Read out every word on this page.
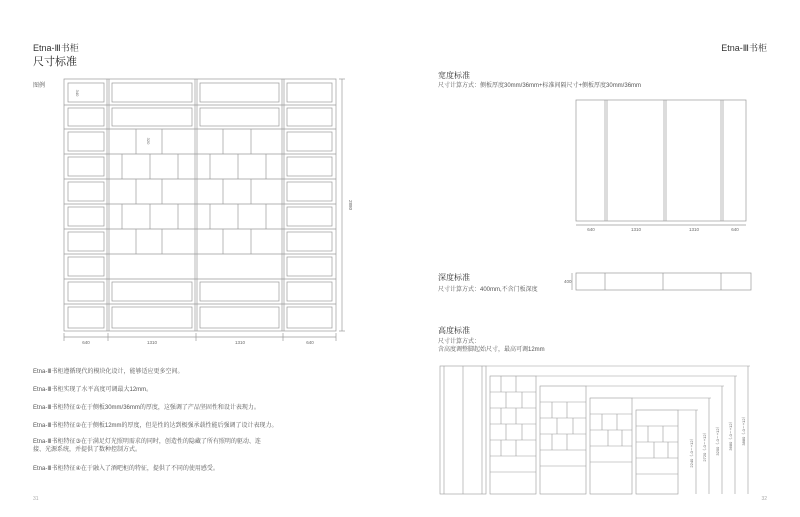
Etna-Ⅲ书柜
尺寸标准
图例
640	1310	1310	640
2880
340
320
Etna-Ⅲ书柜遵循现代的模块化设计，能够适应更多空间。
Etna-Ⅲ书柜实现了水平高度可调最大12mm。
Etna-Ⅲ书柜特征①在于侧板30mm/36mm的厚度，这强调了产品坚固性和设计表现力。
Etna-Ⅲ书柜特征②在于侧板12mm的厚度，但是性的达到极强承载性能后强调了设计表现力。
Etna-Ⅲ书柜特征③在于满足灯光照明需求的同时，创造性的隐藏了所有照明的驱动、连接、光源系统，并提供了数种控制方式。
Etna-Ⅲ书柜特征④在于融入了酒吧柜的特征，提供了不同的使用感受。
31
Etna-Ⅲ书柜
宽度标准
尺寸计算方式：侧板厚度30mm/36mm+标准间隔尺寸+侧板厚度30mm/36mm
640	1310	1310	640
深度标准
尺寸计算方式：400mm,不含门板深度
400
高度标准
尺寸计算方式：
含高度调整脚起始尺寸，最高可调12mm
2240（-0～+12） 2720（-0～+12） 3200（-0～+12） 3680（-0～+12） 3880（-0～+12）
32
